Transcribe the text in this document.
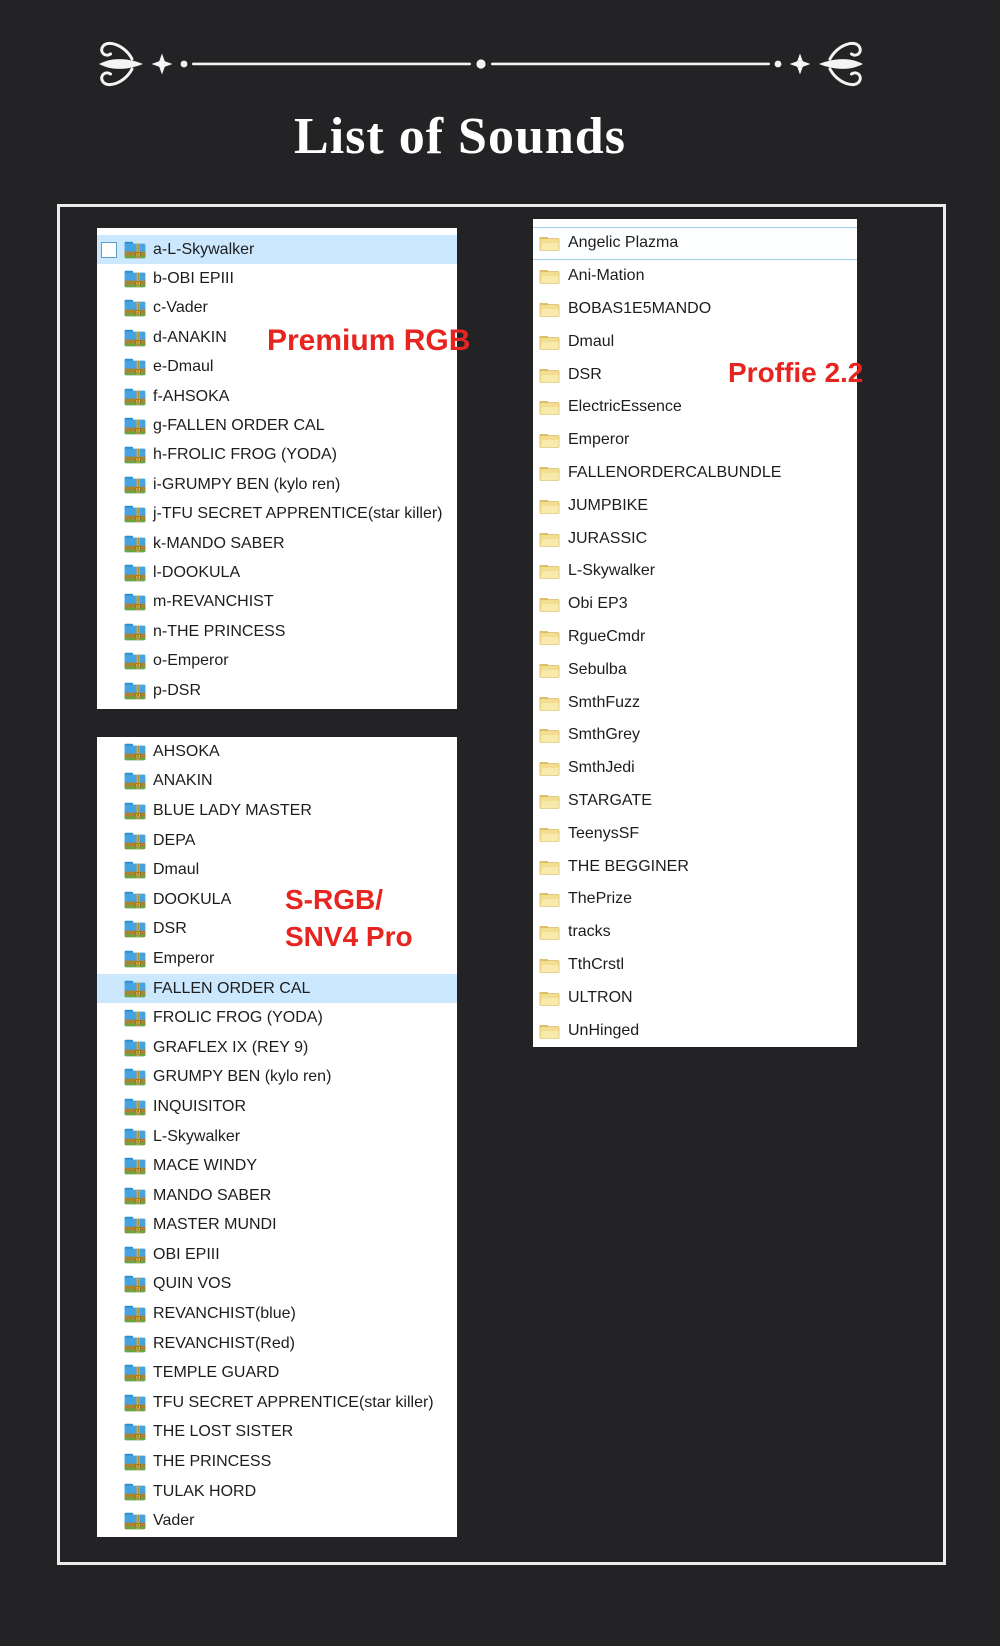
List of Sounds
a-L-Skywalker
b-OBI EPIII
c-Vader
d-ANAKIN
e-Dmaul
f-AHSOKA
g-FALLEN ORDER CAL
h-FROLIC FROG (YODA)
i-GRUMPY BEN (kylo ren)
j-TFU SECRET APPRENTICE(star killer)
k-MANDO SABER
l-DOOKULA
m-REVANCHIST
n-THE PRINCESS
o-Emperor
p-DSR
Premium RGB
Angelic Plazma
Ani-Mation
BOBAS1E5MANDO
Dmaul
DSR
ElectricEssence
Emperor
FALLENORDERCALBUNDLE
JUMPBIKE
JURASSIC
L-Skywalker
Obi EP3
RgueCmdr
Sebulba
SmthFuzz
SmthGrey
SmthJedi
STARGATE
TeenysSF
THE BEGGINER
ThePrize
tracks
TthCrstl
ULTRON
UnHinged
Proffie 2.2
AHSOKA
ANAKIN
BLUE LADY MASTER
DEPA
Dmaul
DOOKULA
DSR
Emperor
FALLEN ORDER CAL
FROLIC FROG (YODA)
GRAFLEX IX (REY 9)
GRUMPY BEN (kylo ren)
INQUISITOR
L-Skywalker
MACE WINDY
MANDO SABER
MASTER MUNDI
OBI EPIII
QUIN VOS
REVANCHIST(blue)
REVANCHIST(Red)
TEMPLE GUARD
TFU SECRET APPRENTICE(star killer)
THE LOST SISTER
THE PRINCESS
TULAK HORD
Vader
S-RGB/
SNV4 Pro
